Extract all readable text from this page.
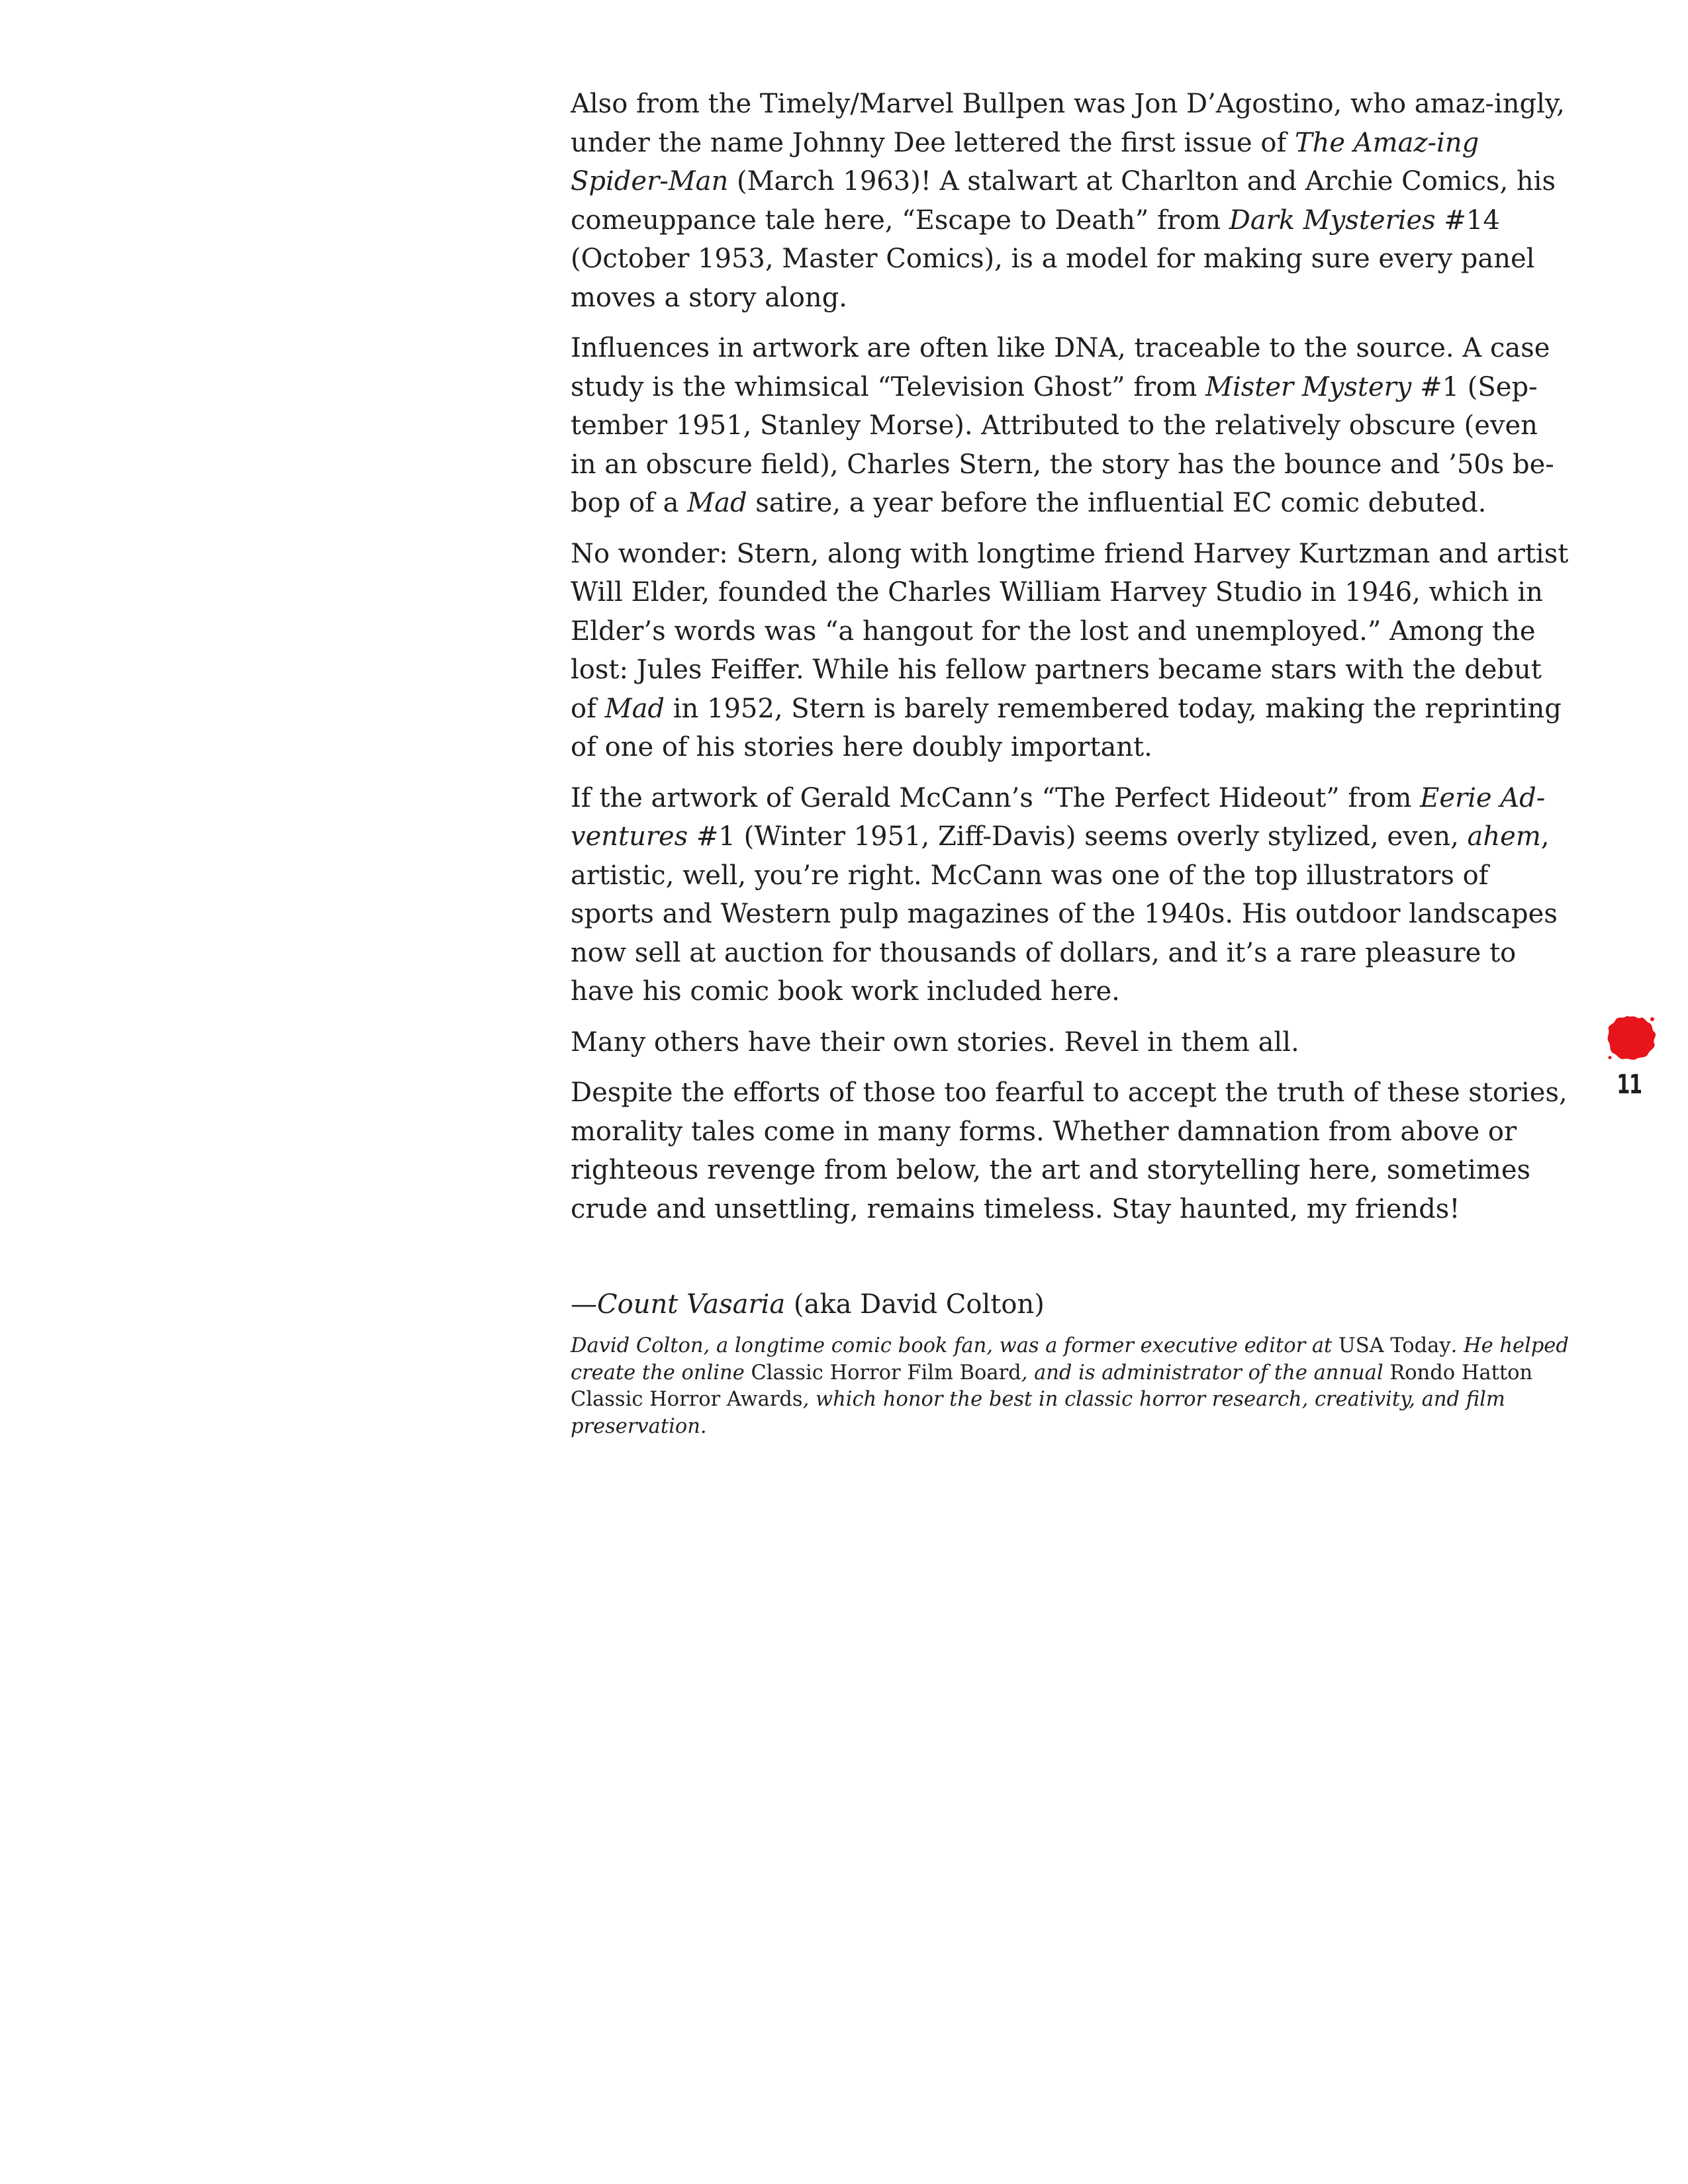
Also from the Timely/Marvel Bullpen was Jon D’Agostino, who amaz-ingly, under the name Johnny Dee lettered the first issue of The Amaz-ing Spider-Man (March 1963)! A stalwart at Charlton and Archie Comics, his comeuppance tale here, “Escape to Death” from Dark Mysteries #14 (October 1953, Master Comics), is a model for making sure every panel moves a story along.

Influences in artwork are often like DNA, traceable to the source. A case study is the whimsical “Television Ghost” from Mister Mystery #1 (Sep-tember 1951, Stanley Morse). Attributed to the relatively obscure (even in an obscure field), Charles Stern, the story has the bounce and ’50s be-bop of a Mad satire, a year before the influential EC comic debuted.

No wonder: Stern, along with longtime friend Harvey Kurtzman and artist Will Elder, founded the Charles William Harvey Studio in 1946, which in Elder’s words was “a hangout for the lost and unemployed.” Among the lost: Jules Feiffer. While his fellow partners became stars with the debut of Mad in 1952, Stern is barely remembered today, making the reprinting of one of his stories here doubly important.

If the artwork of Gerald McCann’s “The Perfect Hideout” from Eerie Ad-ventures #1 (Winter 1951, Ziff-Davis) seems overly stylized, even, ahem, artistic, well, you’re right. McCann was one of the top illustrators of sports and Western pulp magazines of the 1940s. His outdoor landscapes now sell at auction for thousands of dollars, and it’s a rare pleasure to have his comic book work included here.

Many others have their own stories. Revel in them all.

Despite the efforts of those too fearful to accept the truth of these stories, morality tales come in many forms. Whether damnation from above or righteous revenge from below, the art and storytelling here, sometimes crude and unsettling, remains timeless. Stay haunted, my friends!

—Count Vasaria (aka David Colton)

David Colton, a longtime comic book fan, was a former executive editor at USA Today. He helped create the online Classic Horror Film Board, and is administrator of the annual Rondo Hatton Classic Horror Awards, which honor the best in classic horror research, creativity, and film preservation.

11
